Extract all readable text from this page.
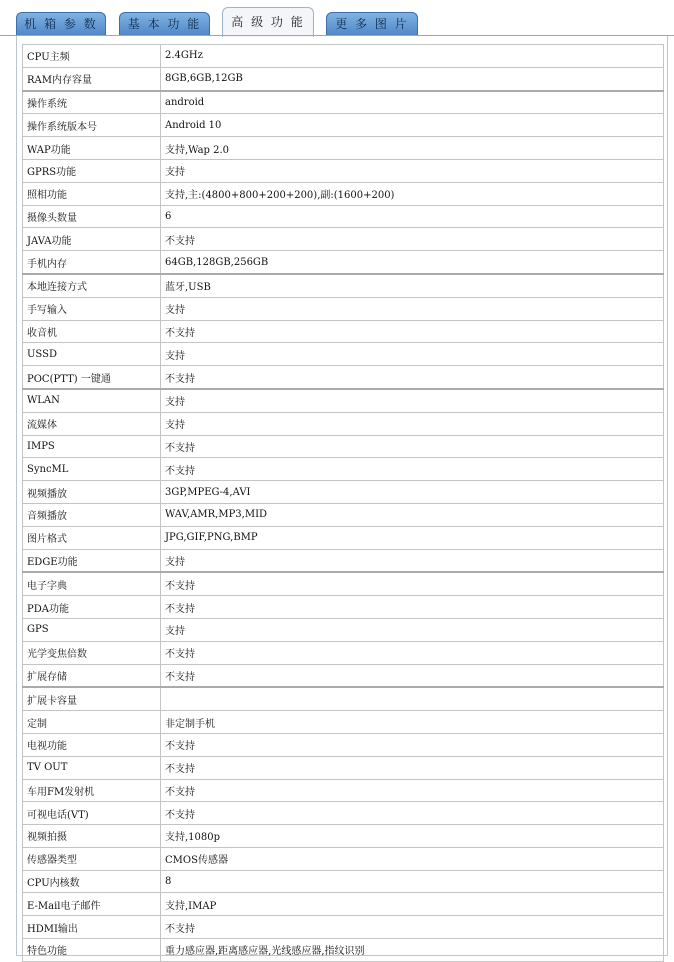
机 箱 参 数	基 本 功 能	高 级 功 能	更 多 图 片
CPU主频	2.4GHz
RAM内存容量	8GB,6GB,12GB
操作系统	android
操作系统版本号	Android 10
WAP功能	支持,Wap 2.0
GPRS功能	支持
照相功能	支持,主:(4800+800+200+200),副:(1600+200)
摄像头数量	6
JAVA功能	不支持
手机内存	64GB,128GB,256GB
本地连接方式	蓝牙,USB
手写输入	支持
收音机	不支持
USSD	支持
POC(PTT) 一键通	不支持
WLAN	支持
流媒体	支持
IMPS	不支持
SyncML	不支持
视频播放	3GP,MPEG-4,AVI
音频播放	WAV,AMR,MP3,MID
图片格式	JPG,GIF,PNG,BMP
EDGE功能	支持
电子字典	不支持
PDA功能	不支持
GPS	支持
光学变焦倍数	不支持
扩展存储	不支持
扩展卡容量	
定制	非定制手机
电视功能	不支持
TV OUT	不支持
车用FM发射机	不支持
可视电话(VT)	不支持
视频拍摄	支持,1080p
传感器类型	CMOS传感器
CPU内核数	8
E-Mail电子邮件	支持,IMAP
HDMI输出	不支持
特色功能	重力感应器,距离感应器,光线感应器,指纹识别
